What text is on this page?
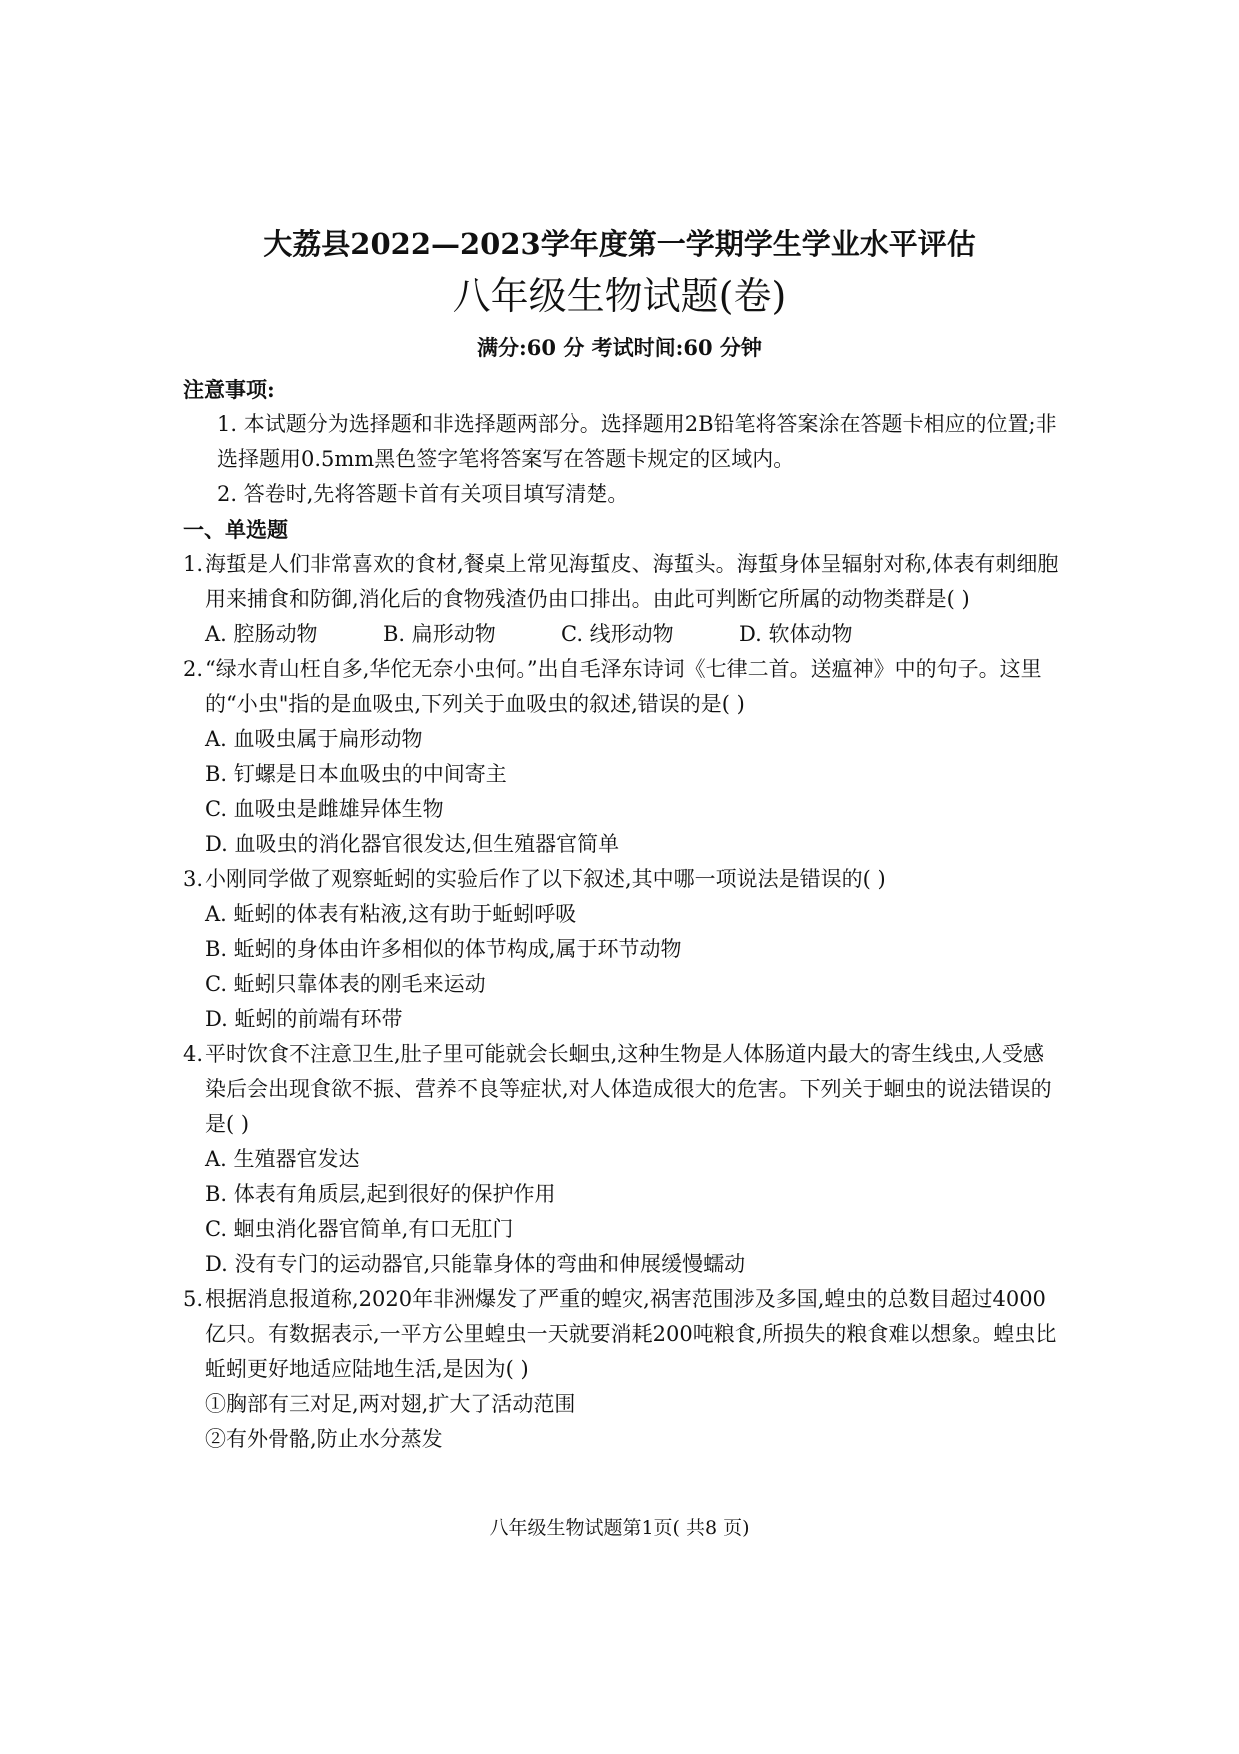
大荔县2022—2023学年度第一学期学生学业水平评估
八年级生物试题(卷)
满分:60 分 考试时间:60 分钟
注意事项:
1. 本试题分为选择题和非选择题两部分。选择题用2B铅笔将答案涂在答题卡相应的位置;非选择题用0.5mm黑色签字笔将答案写在答题卡规定的区域内。
2. 答卷时,先将答题卡首有关项目填写清楚。
一、单选题
1. 海蜇是人们非常喜欢的食材,餐桌上常见海蜇皮、海蜇头。海蜇身体呈辐射对称,体表有刺细胞用来捕食和防御,消化后的食物残渣仍由口排出。由此可判断它所属的动物类群是( )
A. 腔肠动物	B. 扁形动物	C. 线形动物	D. 软体动物
2. “绿水青山枉自多,华佗无奈小虫何。”出自毛泽东诗词《七律二首。送瘟神》中的句子。这里的“小虫"指的是血吸虫,下列关于血吸虫的叙述,错误的是( )
A. 血吸虫属于扁形动物
B. 钉螺是日本血吸虫的中间寄主
C. 血吸虫是雌雄异体生物
D. 血吸虫的消化器官很发达,但生殖器官简单
3. 小刚同学做了观察蚯蚓的实验后作了以下叙述,其中哪一项说法是错误的( )
A. 蚯蚓的体表有粘液,这有助于蚯蚓呼吸
B. 蚯蚓的身体由许多相似的体节构成,属于环节动物
C. 蚯蚓只靠体表的刚毛来运动
D. 蚯蚓的前端有环带
4. 平时饮食不注意卫生,肚子里可能就会长蛔虫,这种生物是人体肠道内最大的寄生线虫,人受感染后会出现食欲不振、营养不良等症状,对人体造成很大的危害。下列关于蛔虫的说法错误的是( )
A. 生殖器官发达
B. 体表有角质层,起到很好的保护作用
C. 蛔虫消化器官简单,有口无肛门
D. 没有专门的运动器官,只能靠身体的弯曲和伸展缓慢蠕动
5. 根据消息报道称,2020年非洲爆发了严重的蝗灾,祸害范围涉及多国,蝗虫的总数目超过4000亿只。有数据表示,一平方公里蝗虫一天就要消耗200吨粮食,所损失的粮食难以想象。蝗虫比蚯蚓更好地适应陆地生活,是因为( )
①胸部有三对足,两对翅,扩大了活动范围
②有外骨骼,防止水分蒸发
八年级生物试题第1页( 共8 页)
